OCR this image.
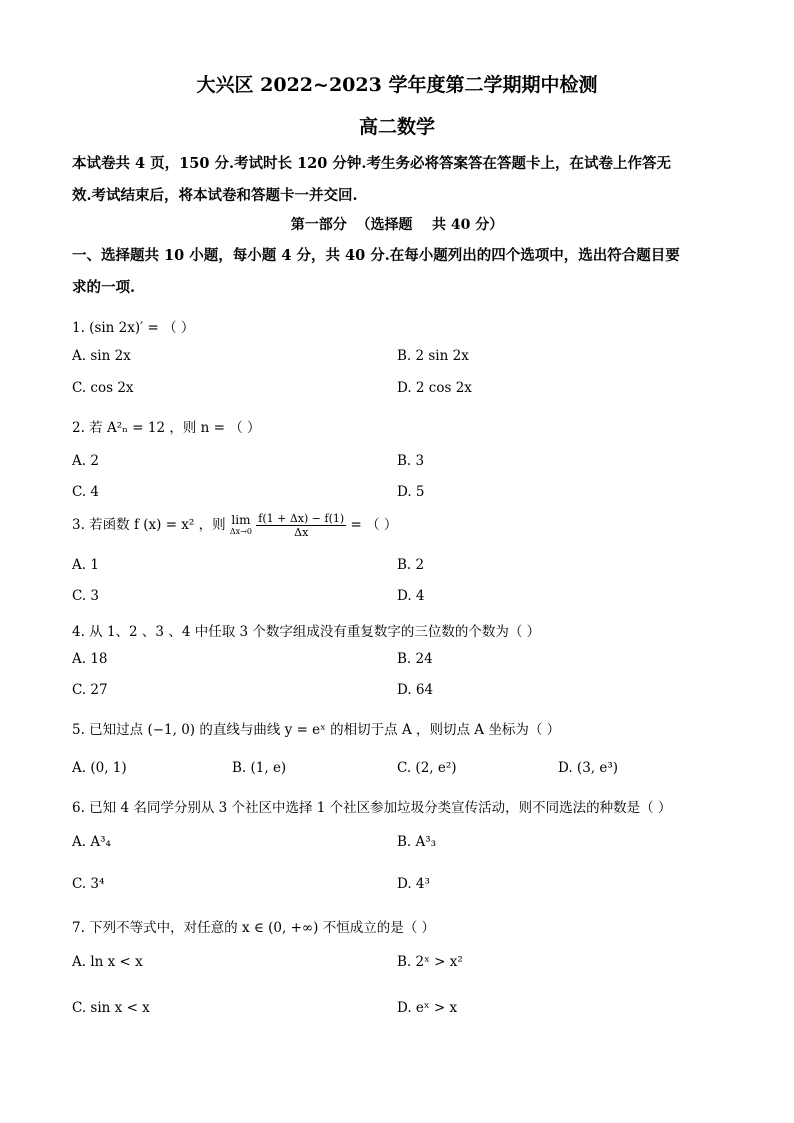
大兴区 2022~2023 学年度第二学期期中检测
高二数学
本试卷共 4 页，150 分.考试时长 120 分钟.考生务必将答案答在答题卡上，在试卷上作答无
效.考试结束后，将本试卷和答题卡一并交回.
第一部分  （选择题    共 40 分）
一、选择题共 10 小题，每小题 4 分，共 40 分.在每小题列出的四个选项中，选出符合题目要
求的一项.
1. (sin 2x)′ = （ ）
A. sin 2x	B. 2 sin 2x
C. cos 2x	D. 2 cos 2x
2. 若 A²ₙ = 12 ，则 n = （ ）
A. 2	B. 3
C. 4	D. 5
3. 若函数 f (x) = x² ，则 lim
Δx→0
$\frac{f(1 + \Delta x) - f(1)}{\Delta x}$ = （ ）
A. 1	B. 2
C. 3	D. 4
4. 从 1、2 、3 、4 中任取 3 个数字组成没有重复数字的三位数的个数为（ ）
A. 18	B. 24
C. 27	D. 64
5. 已知过点 (−1, 0) 的直线与曲线 y = eˣ 的相切于点 A ，则切点 A 坐标为（ ）
A. (0, 1)	B. (1, e)	C. (2, e²)	D. (3, e³)
6. 已知 4 名同学分别从 3 个社区中选择 1 个社区参加垃圾分类宣传活动，则不同选法的种数是（ ）
A. A³₄	B. A³₃
C. 3⁴	D. 4³
7. 下列不等式中，对任意的 x ∈ (0, +∞) 不恒成立的是（ ）
A. ln x < x	B. 2ˣ > x²
C. sin x < x	D. eˣ > x
